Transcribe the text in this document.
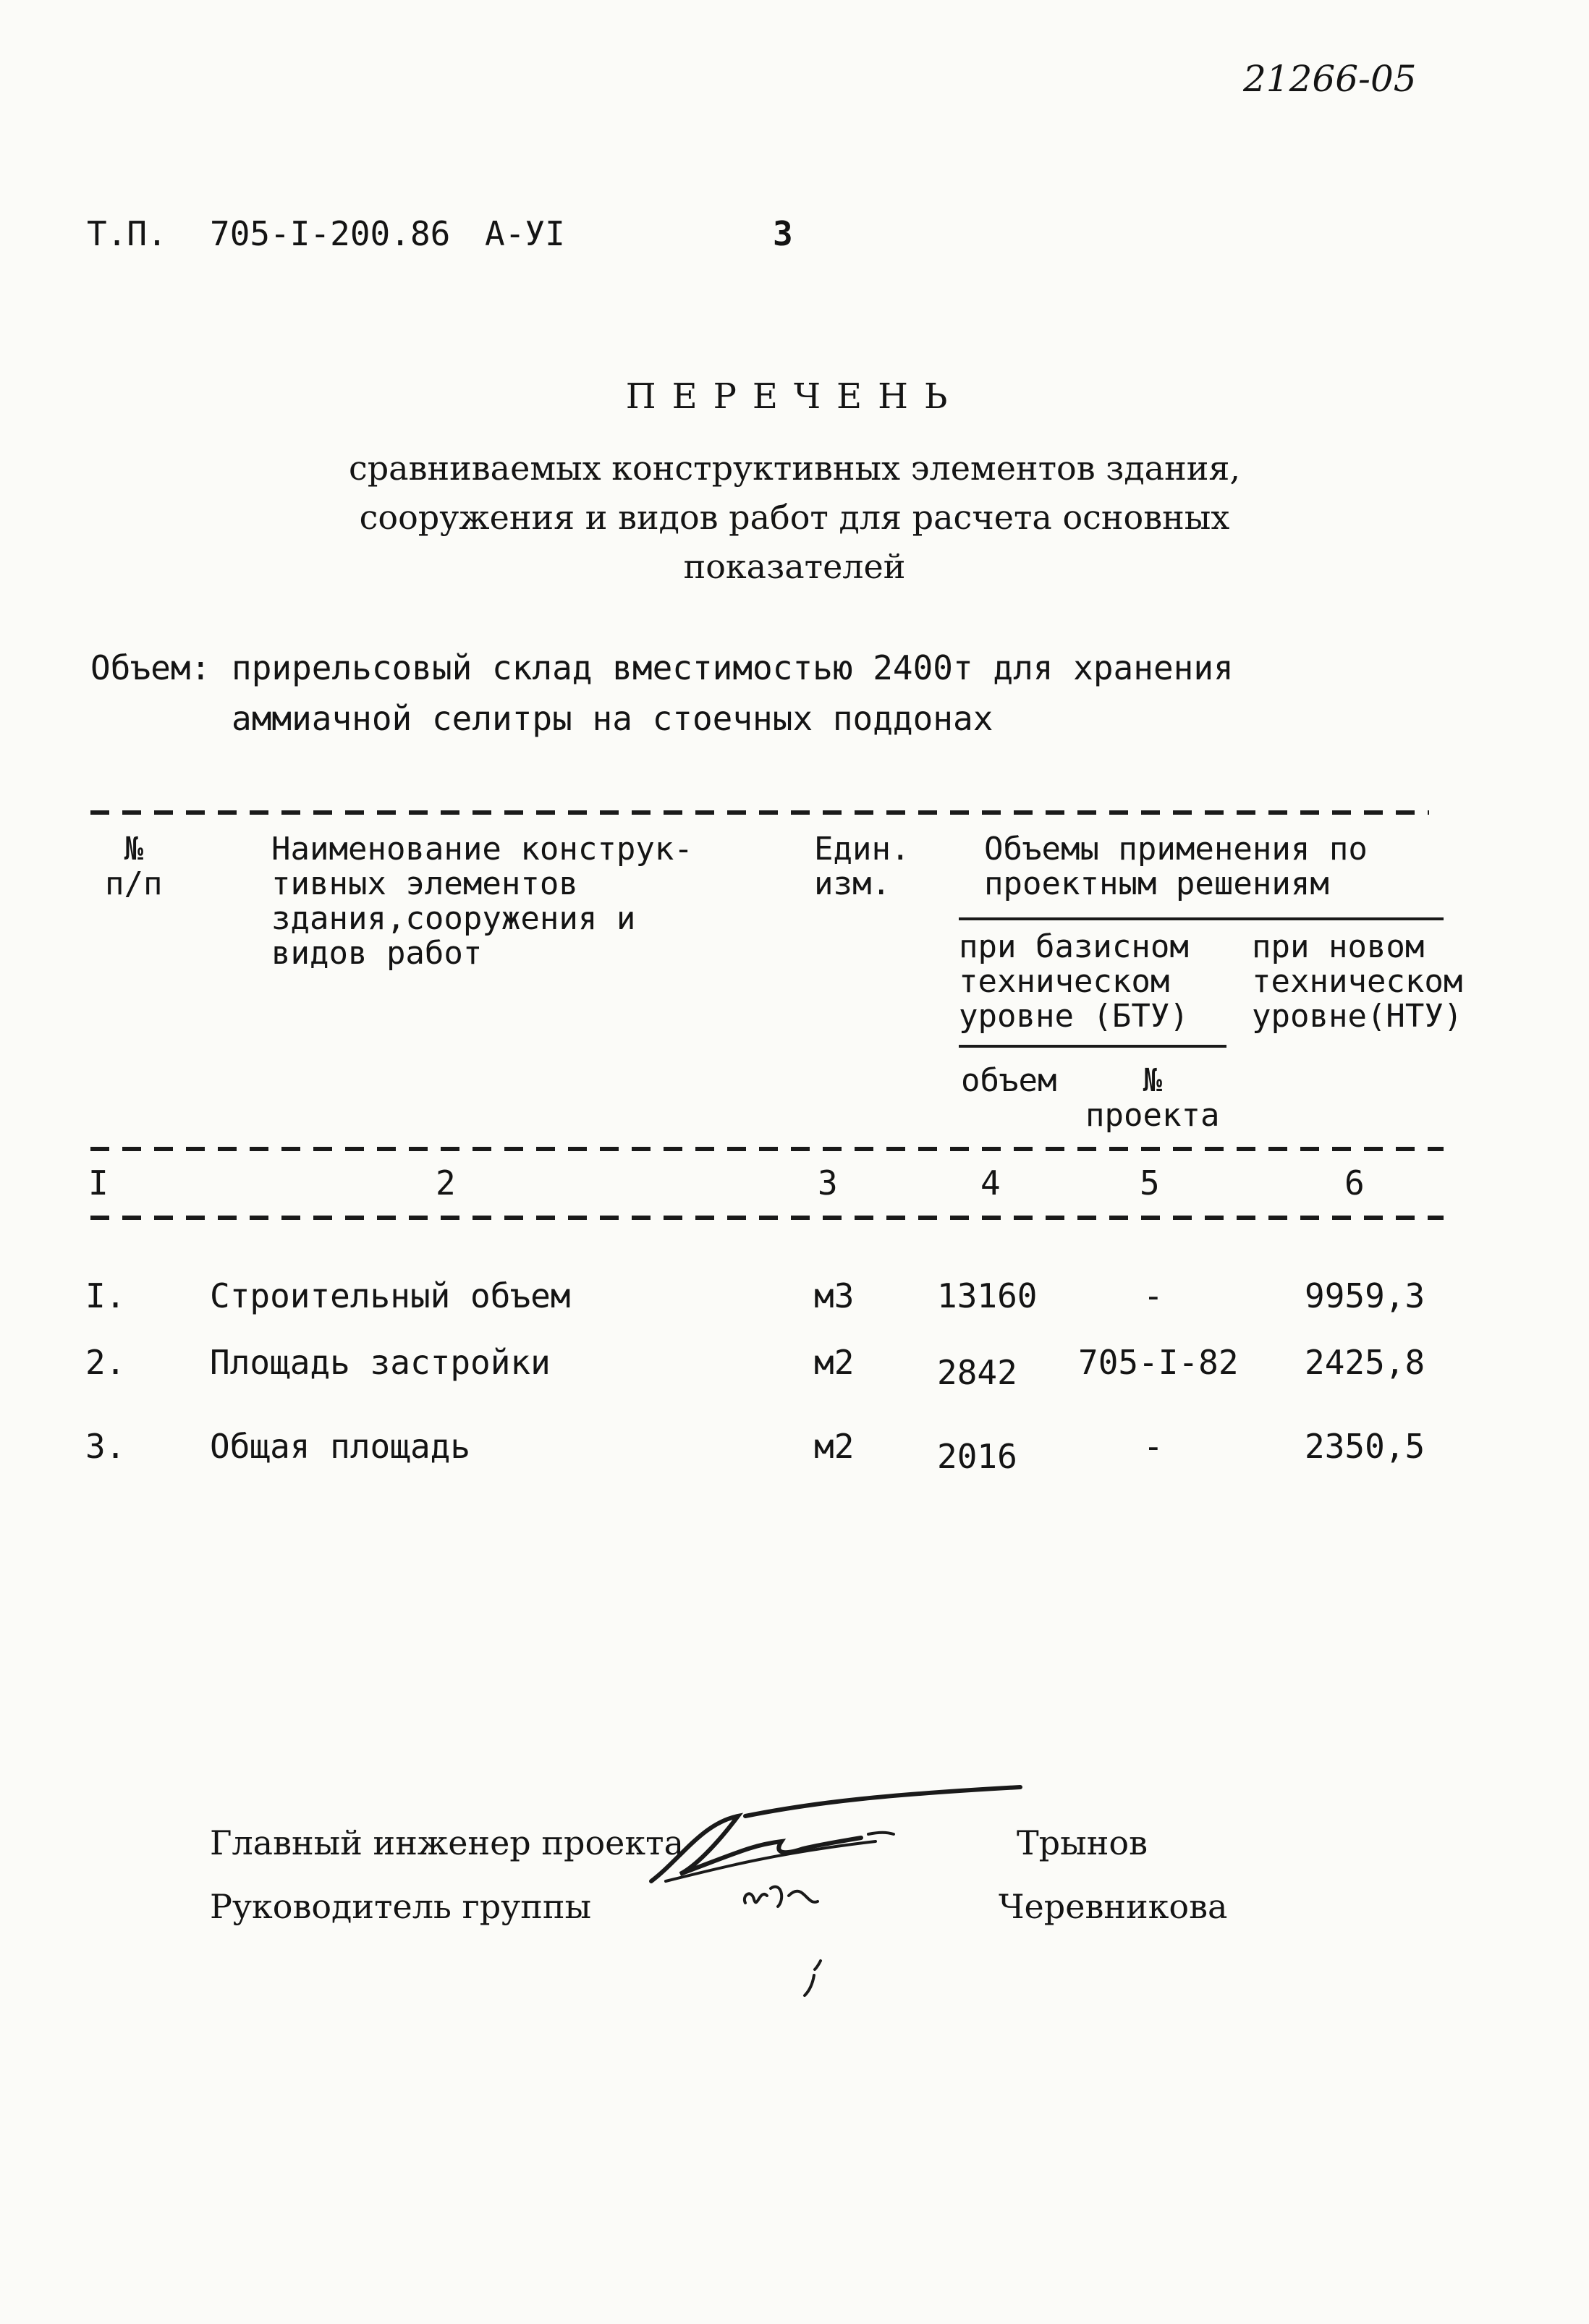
21266-05
Т.П. 705-I-200.86 А-УI	3
ПЕРЕЧЕНЬ
сравниваемых конструктивных элементов здания,
сооружения и видов работ для расчета основных
показателей
Объем: прирельсовый склад вместимостью 2400т для хранения
аммиачной селитры на стоечных поддонах
№
п/п
Наименование конструк-
тивных элементов
здания,сооружения и
видов работ
Един.
изм.
Объемы применения по
проектным решениям
при базисном
техническом
уровне (БТУ)
при новом
техническом
уровне(НТУ)
объем	№
проекта
I	2	3	4	5	6
I.	Строительный объем	м3 13160	-	9959,3
2.	Площадь застройки	м2 2842 705-I-82 2425,8
3.	Общая площадь	м2 2016	-	2350,5
Главный инженер проекта	Трынов
Руководитель группы	Черевникова
